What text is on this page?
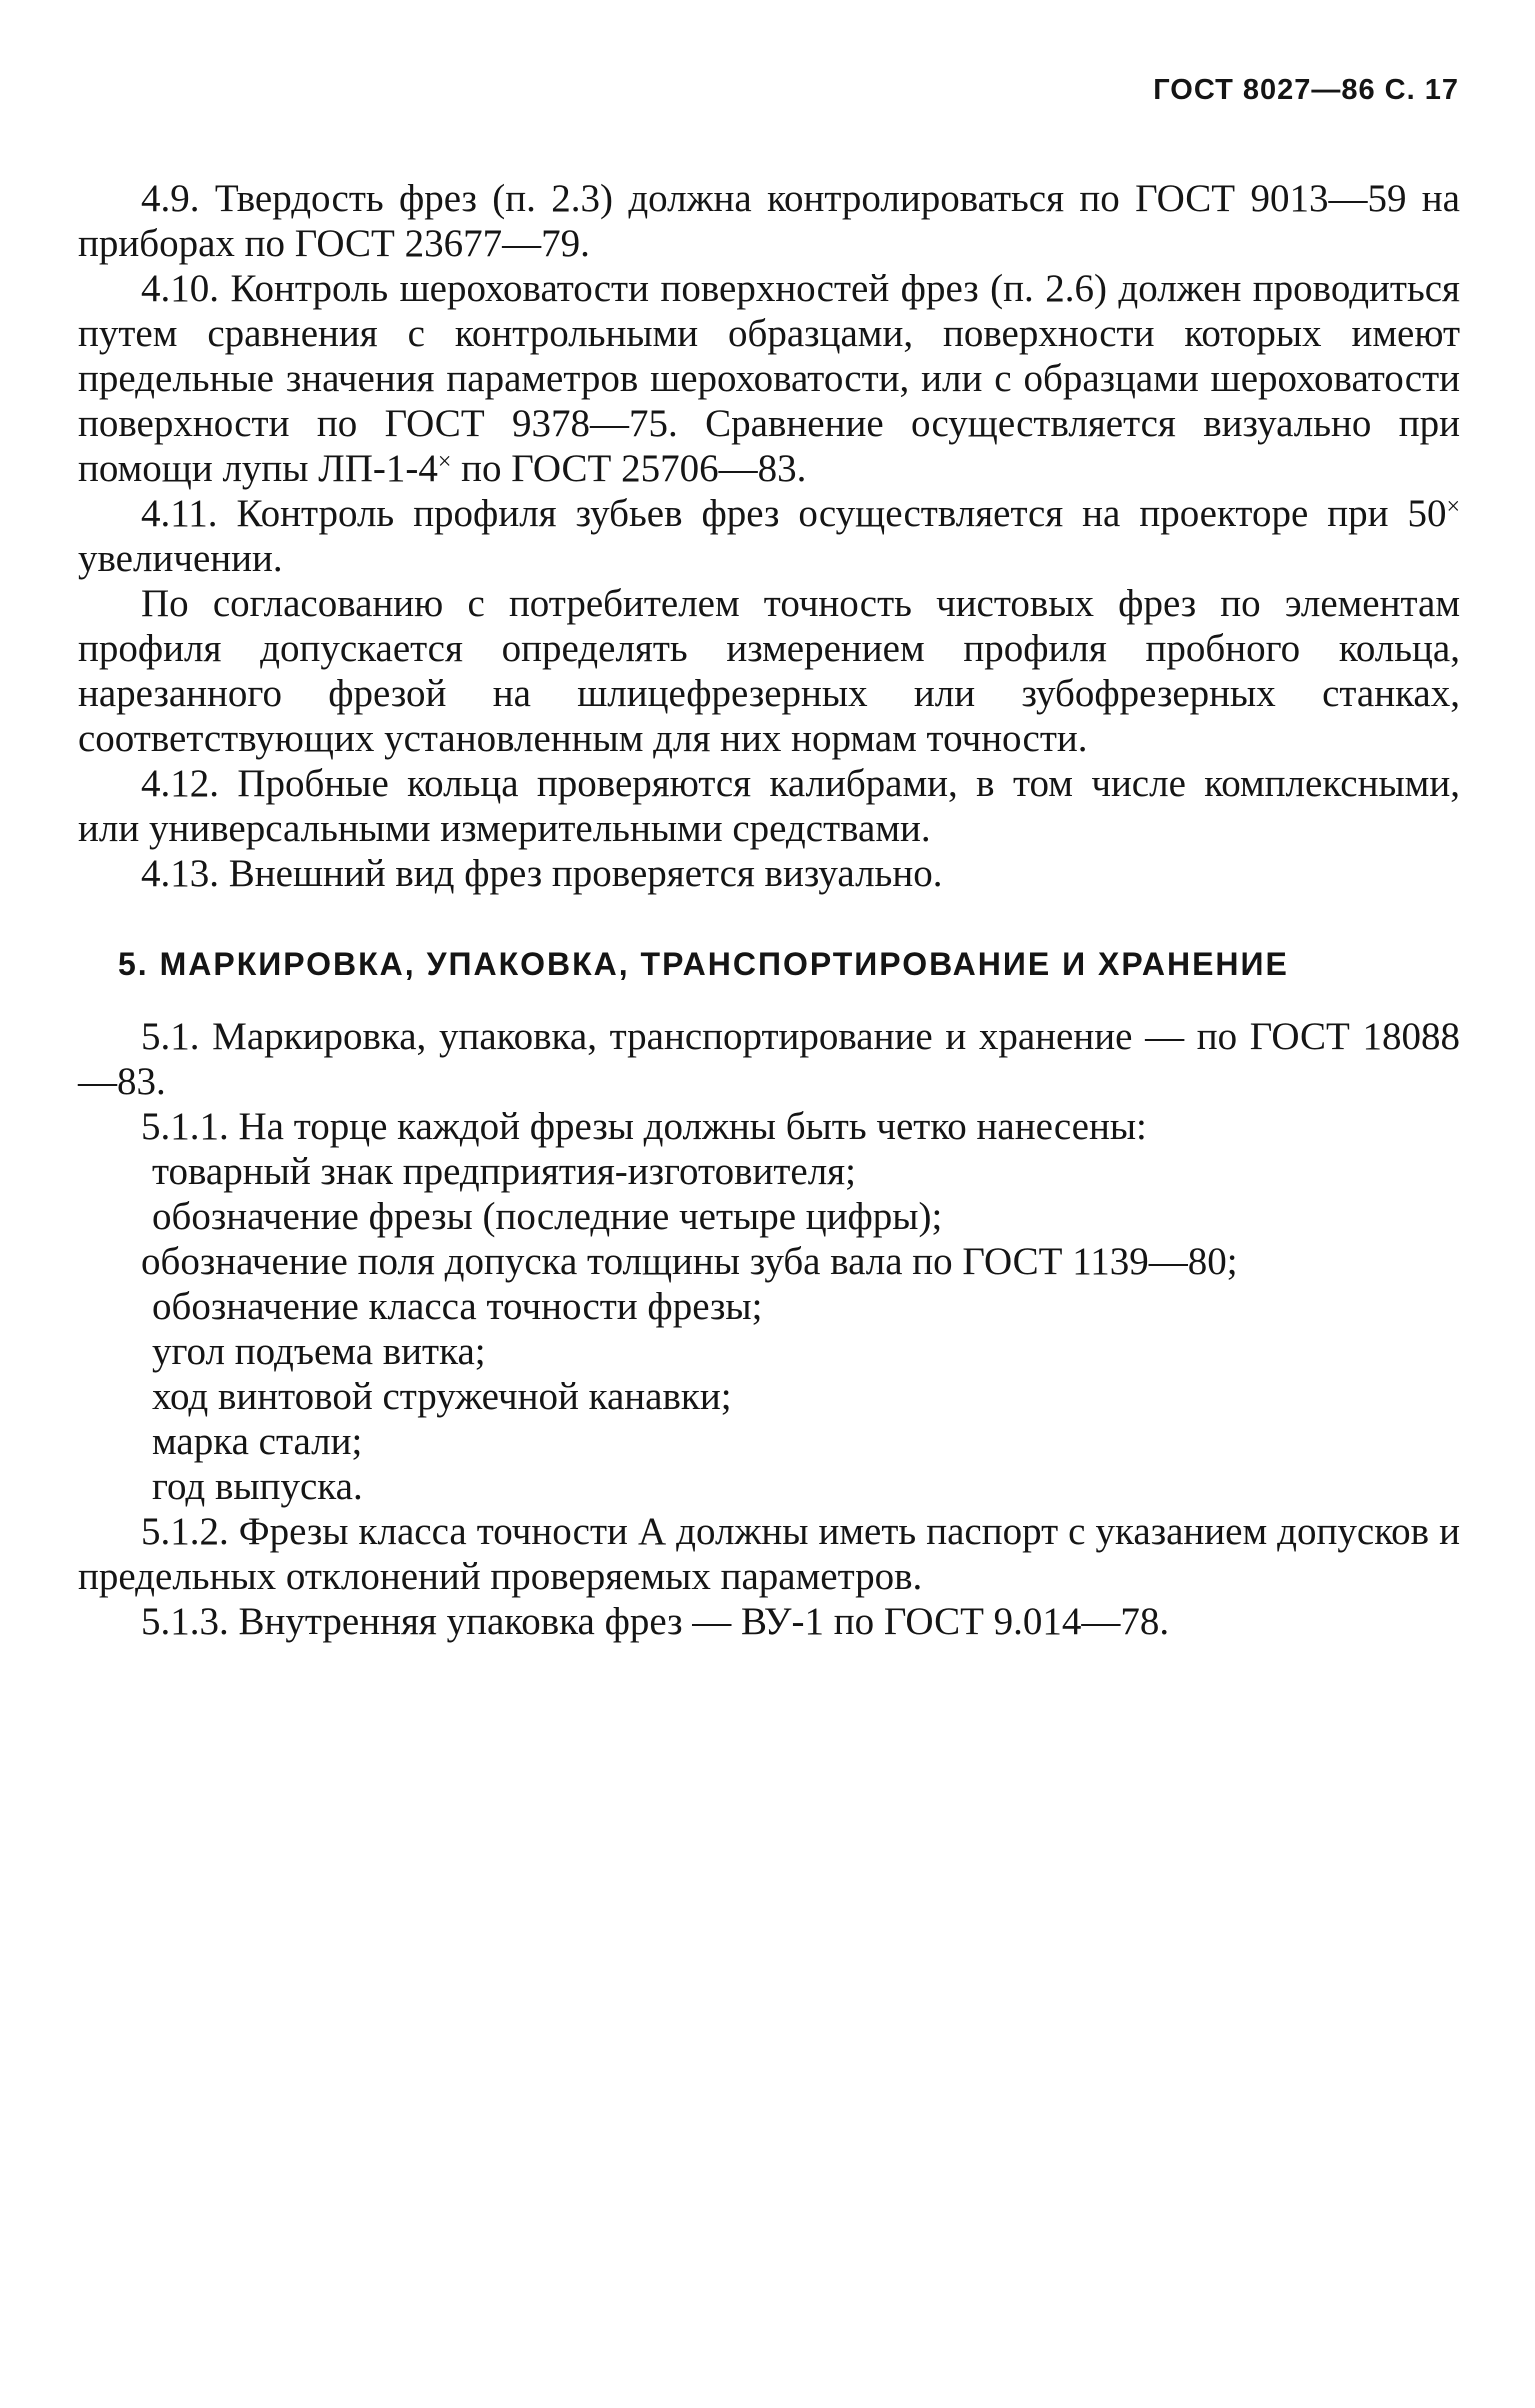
ГОСТ 8027—86 С. 17

4.9. Твердость фрез (п. 2.3) должна контролироваться по ГОСТ 9013—59 на приборах по ГОСТ 23677—79.

4.10. Контроль шероховатости поверхностей фрез (п. 2.6) должен проводиться путем сравнения с контрольными образцами, поверхности которых имеют предельные значения параметров шероховатости, или с образцами шероховатости поверхности по ГОСТ 9378—75. Сравнение осуществляется визуально при помощи лупы ЛП-1-4× по ГОСТ 25706—83.

4.11. Контроль профиля зубьев фрез осуществляется на проекторе при 50× увеличении.

По согласованию с потребителем точность чистовых фрез по элементам профиля допускается определять измерением профиля пробного кольца, нарезанного фрезой на шлицефрезерных или зубофрезерных станках, соответствующих установленным для них нормам точности.

4.12. Пробные кольца проверяются калибрами, в том числе комплексными, или универсальными измерительными средствами.

4.13. Внешний вид фрез проверяется визуально.

5. МАРКИРОВКА, УПАКОВКА, ТРАНСПОРТИРОВАНИЕ И ХРАНЕНИЕ

5.1. Маркировка, упаковка, транспортирование и хранение — по ГОСТ 18088—83.

5.1.1. На торце каждой фрезы должны быть четко нанесены:

товарный знак предприятия-изготовителя;

обозначение фрезы (последние четыре цифры);

обозначение поля допуска толщины зуба вала по ГОСТ 1139—80;

обозначение класса точности фрезы;

угол подъема витка;

ход винтовой стружечной канавки;

марка стали;

год выпуска.

5.1.2. Фрезы класса точности А должны иметь паспорт с указанием допусков и предельных отклонений проверяемых параметров.

5.1.3. Внутренняя упаковка фрез — ВУ-1 по ГОСТ 9.014—78.
